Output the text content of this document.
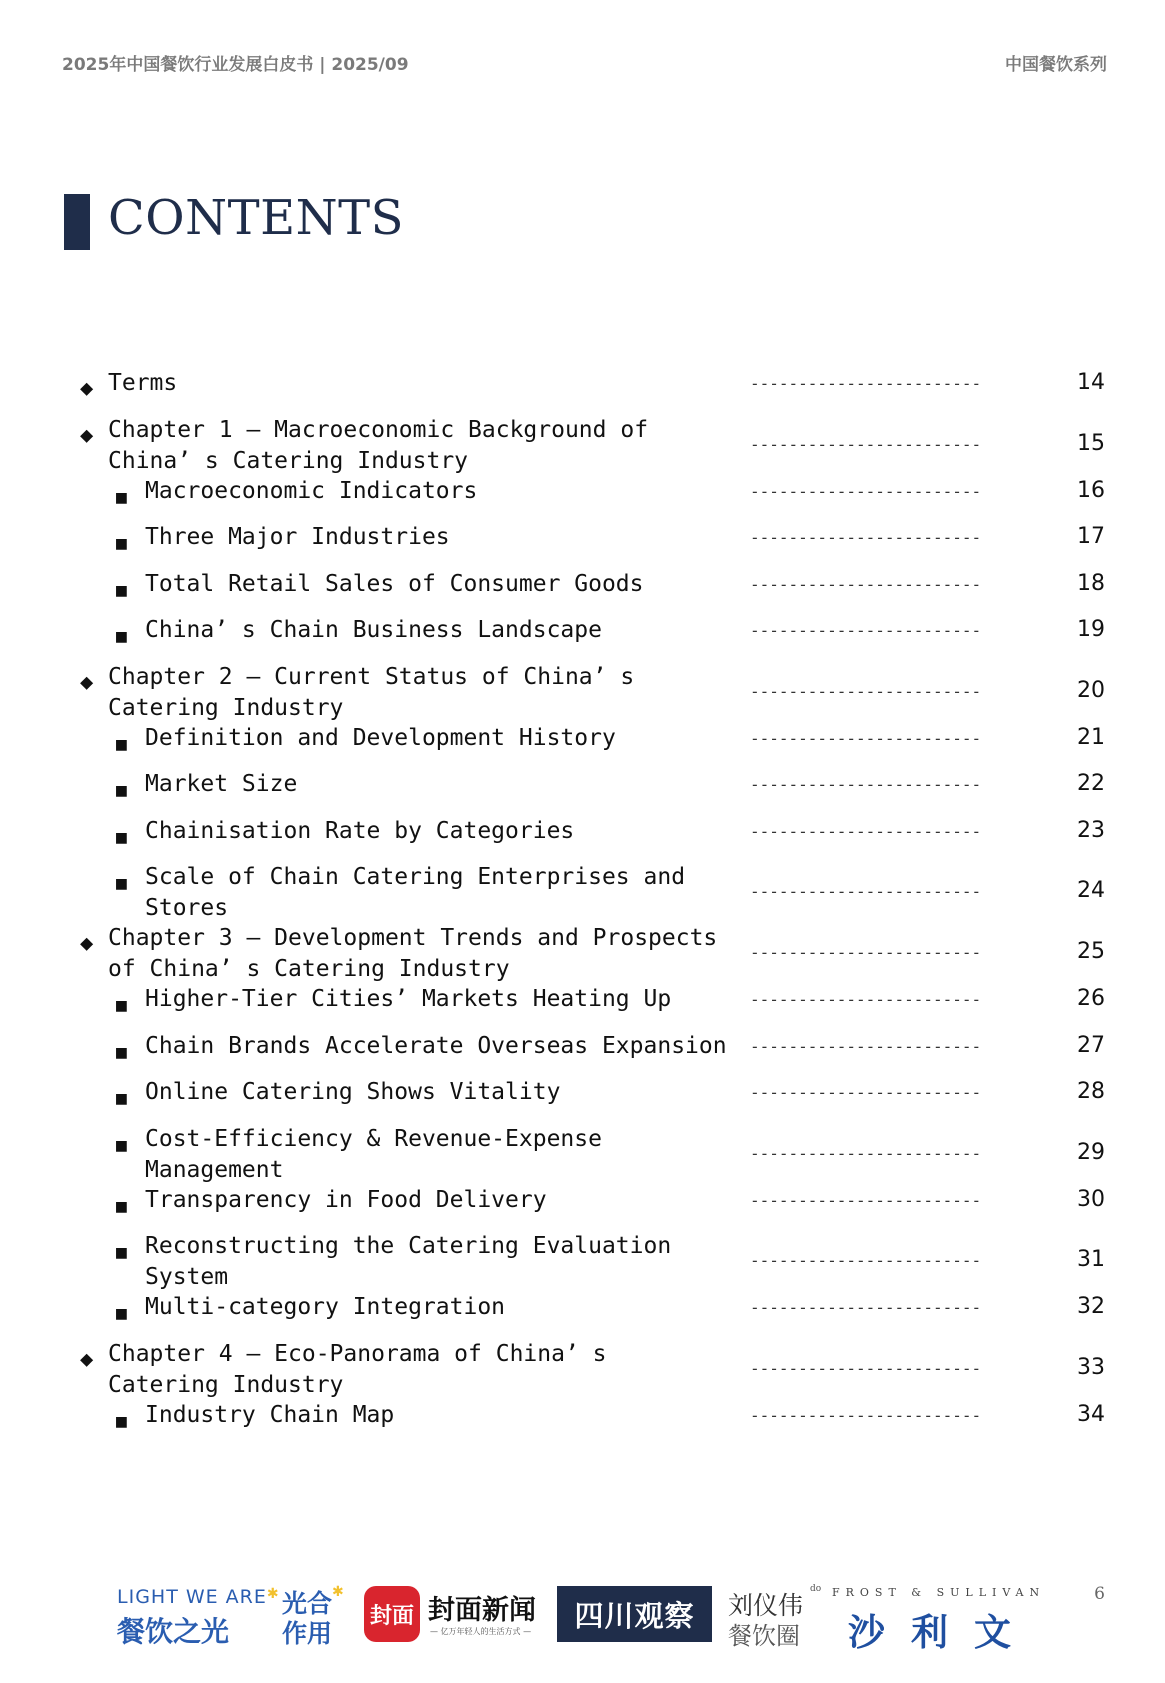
2025年中国餐饮行业发展白皮书 | 2025/09	中国餐饮系列
CONTENTS
◆ Terms	------------------------	14
◆ Chapter 1 – Macroeconomic Background of
China’ s Catering Industry
------------------------	15
■ Macroeconomic Indicators	------------------------	16
■ Three Major Industries	------------------------	17
■ Total Retail Sales of Consumer Goods	------------------------	18
■ China’ s Chain Business Landscape	------------------------	19
◆ Chapter 2 – Current Status of China’ s
Catering Industry
------------------------	20
■ Definition and Development History	------------------------	21
■ Market Size	------------------------	22
■ Chainisation Rate by Categories	------------------------	23
■ Scale of Chain Catering Enterprises and
Stores
------------------------	24
◆ Chapter 3 – Development Trends and Prospects
of China’ s Catering Industry
------------------------	25
■ Higher-Tier Cities’ Markets Heating Up	------------------------	26
■ Chain Brands Accelerate Overseas Expansion ------------------------	27
■ Online Catering Shows Vitality	------------------------	28
■ Cost-Efficiency & Revenue-Expense
Management
------------------------	29
■ Transparency in Food Delivery	------------------------	30
■ Reconstructing the Catering Evaluation
System
------------------------	31
■ Multi-category Integration	------------------------	32
◆ Chapter 4 – Eco-Panorama of China’ s
Catering Industry
------------------------	33
■ Industry Chain Map	------------------------	34
6
LIGHT WE ARE✱
餐饮之光
光合✱
作用
封面 封面新闻
— 亿万年轻人的生活方式 —	四川观察	刘仪伟
do
餐饮圈
FROST & SULLIVAN
沙利文
